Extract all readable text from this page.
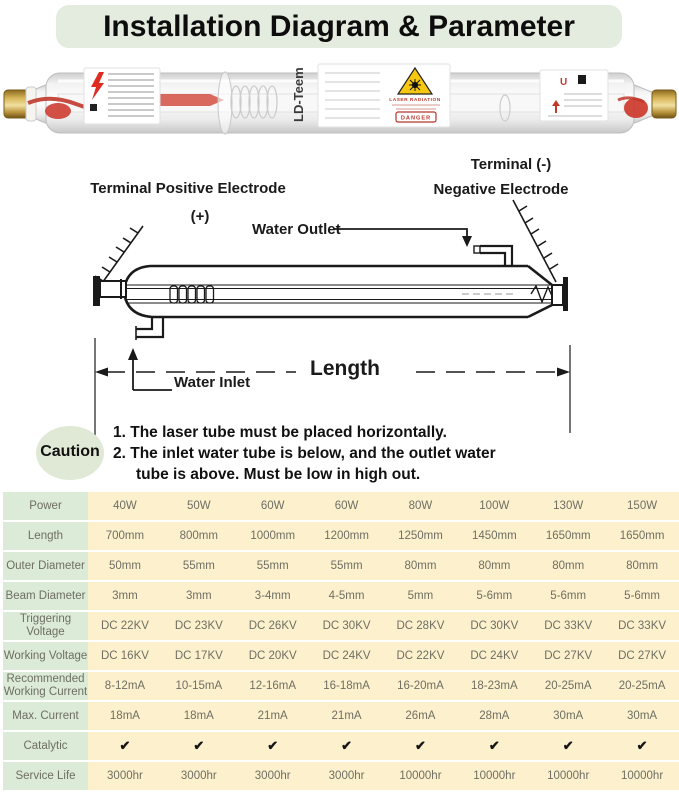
Installation Diagram & Parameter
LD-Teem	LASER RADIATION
DANGER
U
Terminal (-)
Negative Electrode
Terminal Positive Electrode
(+)
Water Outlet
Water Inlet
Length
Caution
1. The laser tube must be placed horizontally.
2. The inlet water tube is below, and the outlet water
tube is above. Must be low in high out.
Power	40W	50W	60W	60W	80W	100W	130W	150W
Length	700mm	800mm	1000mm	1200mm	1250mm	1450mm	1650mm	1650mm
Outer Diameter	50mm	55mm	55mm	55mm	80mm	80mm	80mm	80mm
Beam Diameter	3mm	3mm	3-4mm	4-5mm	5mm	5-6mm	5-6mm	5-6mm
Triggering Voltage	DC 22KV	DC 23KV	DC 26KV	DC 30KV	DC 28KV	DC 30KV	DC 33KV	DC 33KV
Working Voltage	DC 16KV	DC 17KV	DC 20KV	DC 24KV	DC 22KV	DC 24KV	DC 27KV	DC 27KV
Recommended Working Current	8-12mA	10-15mA	12-16mA	16-18mA	16-20mA	18-23mA	20-25mA	20-25mA
Max. Current	18mA	18mA	21mA	21mA	26mA	28mA	30mA	30mA
Catalytic	✔	✔	✔	✔	✔	✔	✔	✔
Service Life	3000hr	3000hr	3000hr	3000hr	10000hr	10000hr	10000hr	10000hr
